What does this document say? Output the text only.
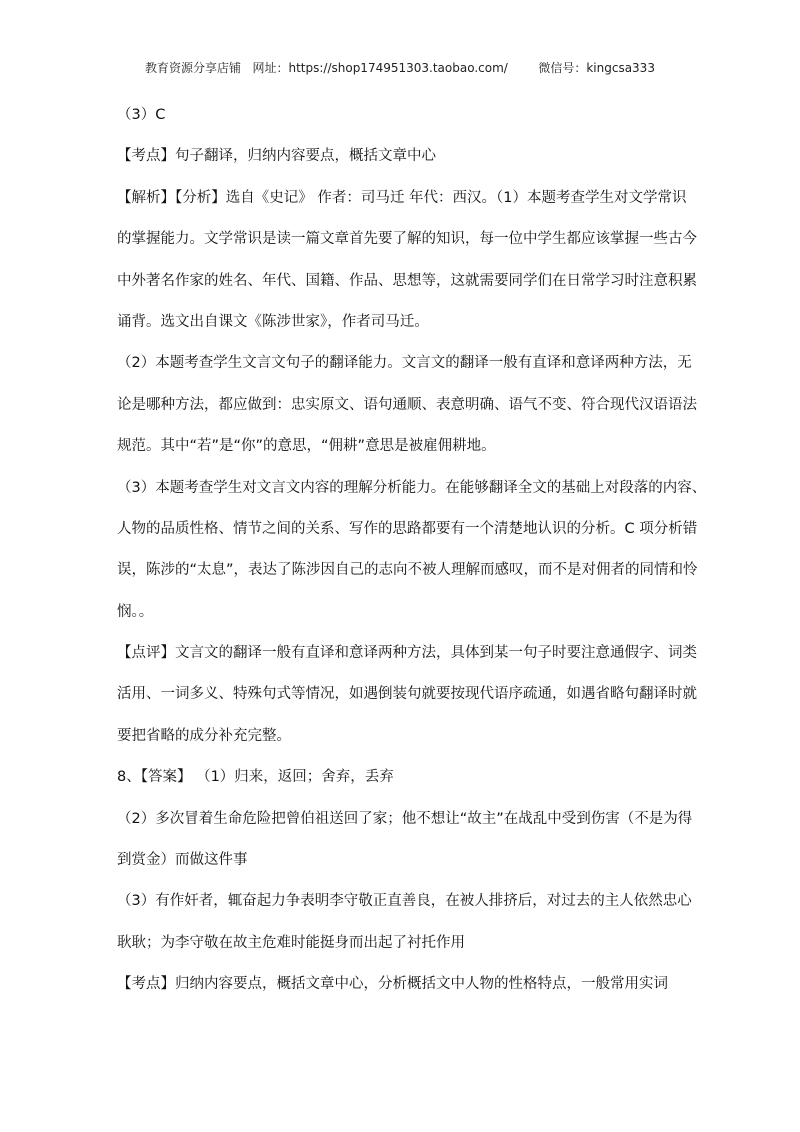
教育资源分享店铺   网址：https://shop174951303.taobao.com/        微信号：kingcsa333
（3）C
【考点】句子翻译，归纳内容要点，概括文章中心
【解析】【分析】选自《史记》 作者：司马迁 年代：西汉。（1）本题考查学生对文学常识
的掌握能力。文学常识是读一篇文章首先要了解的知识，每一位中学生都应该掌握一些古今
中外著名作家的姓名、年代、国籍、作品、思想等，这就需要同学们在日常学习时注意积累
诵背。选文出自课文《陈涉世家》，作者司马迁。
（2）本题考查学生文言文句子的翻译能力。文言文的翻译一般有直译和意译两种方法，无
论是哪种方法，都应做到：忠实原文、语句通顺、表意明确、语气不变、符合现代汉语语法
规范。其中“若”是“你”的意思，“佣耕”意思是被雇佣耕地。
（3）本题考查学生对文言文内容的理解分析能力。在能够翻译全文的基础上对段落的内容、
人物的品质性格、情节之间的关系、写作的思路都要有一个清楚地认识的分析。C 项分析错
误，陈涉的“太息”，表达了陈涉因自己的志向不被人理解而感叹，而不是对佣者的同情和怜
悯。。
【点评】文言文的翻译一般有直译和意译两种方法，具体到某一句子时要注意通假字、词类
活用、一词多义、特殊句式等情况，如遇倒装句就要按现代语序疏通，如遇省略句翻译时就
要把省略的成分补充完整。
8、【答案】 （1）归来，返回；舍弃，丢弃
（2）多次冒着生命危险把曾伯祖送回了家；他不想让“故主”在战乱中受到伤害（不是为得
到赏金）而做这件事
（3）有作奸者，辄奋起力争表明李守敬正直善良，在被人排挤后，对过去的主人依然忠心
耿耿；为李守敬在故主危难时能挺身而出起了衬托作用
【考点】归纳内容要点，概括文章中心，分析概括文中人物的性格特点，一般常用实词
